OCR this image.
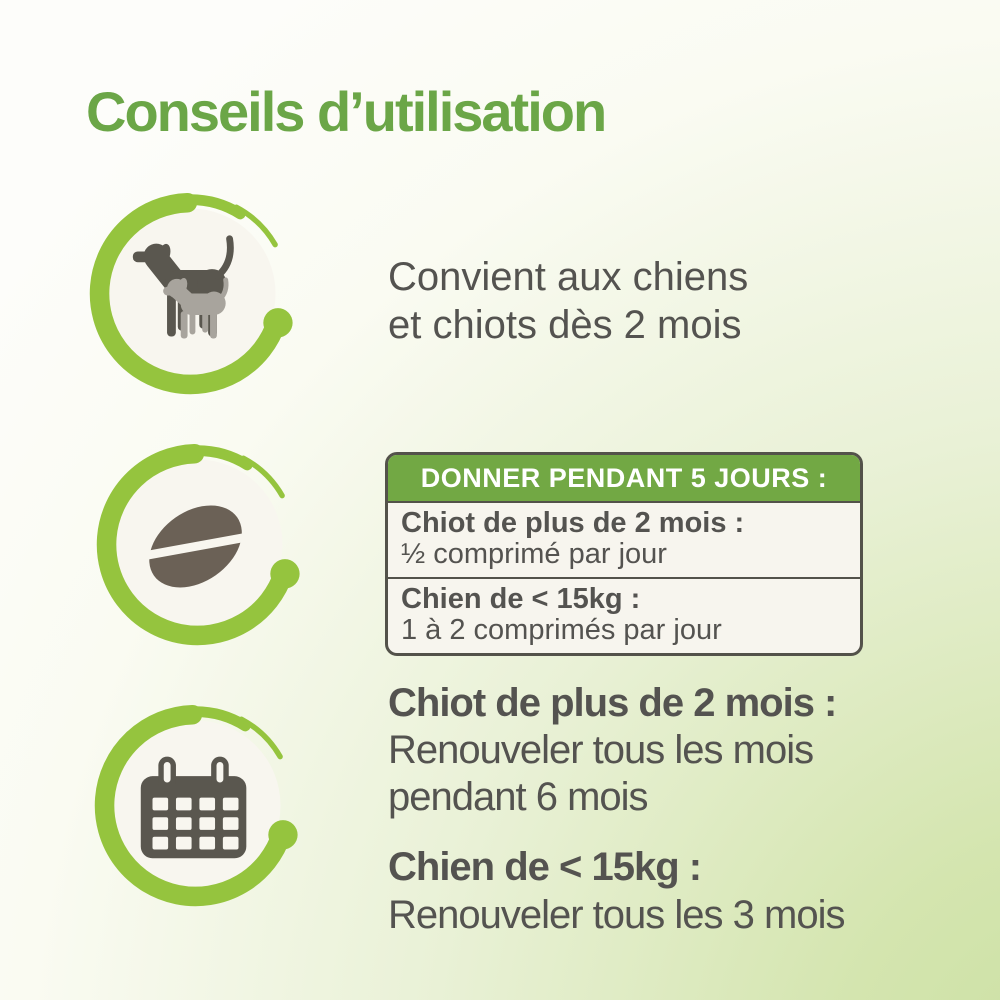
Conseils d’utilisation
Convient aux chiens
et chiots dès 2 mois
DONNER PENDANT 5 JOURS :
Chiot de plus de 2 mois :
½ comprimé par jour
Chien de < 15kg :
1 à 2 comprimés par jour
Chiot de plus de 2 mois :
Renouveler tous les mois
pendant 6 mois
Chien de < 15kg :
Renouveler tous les 3 mois
